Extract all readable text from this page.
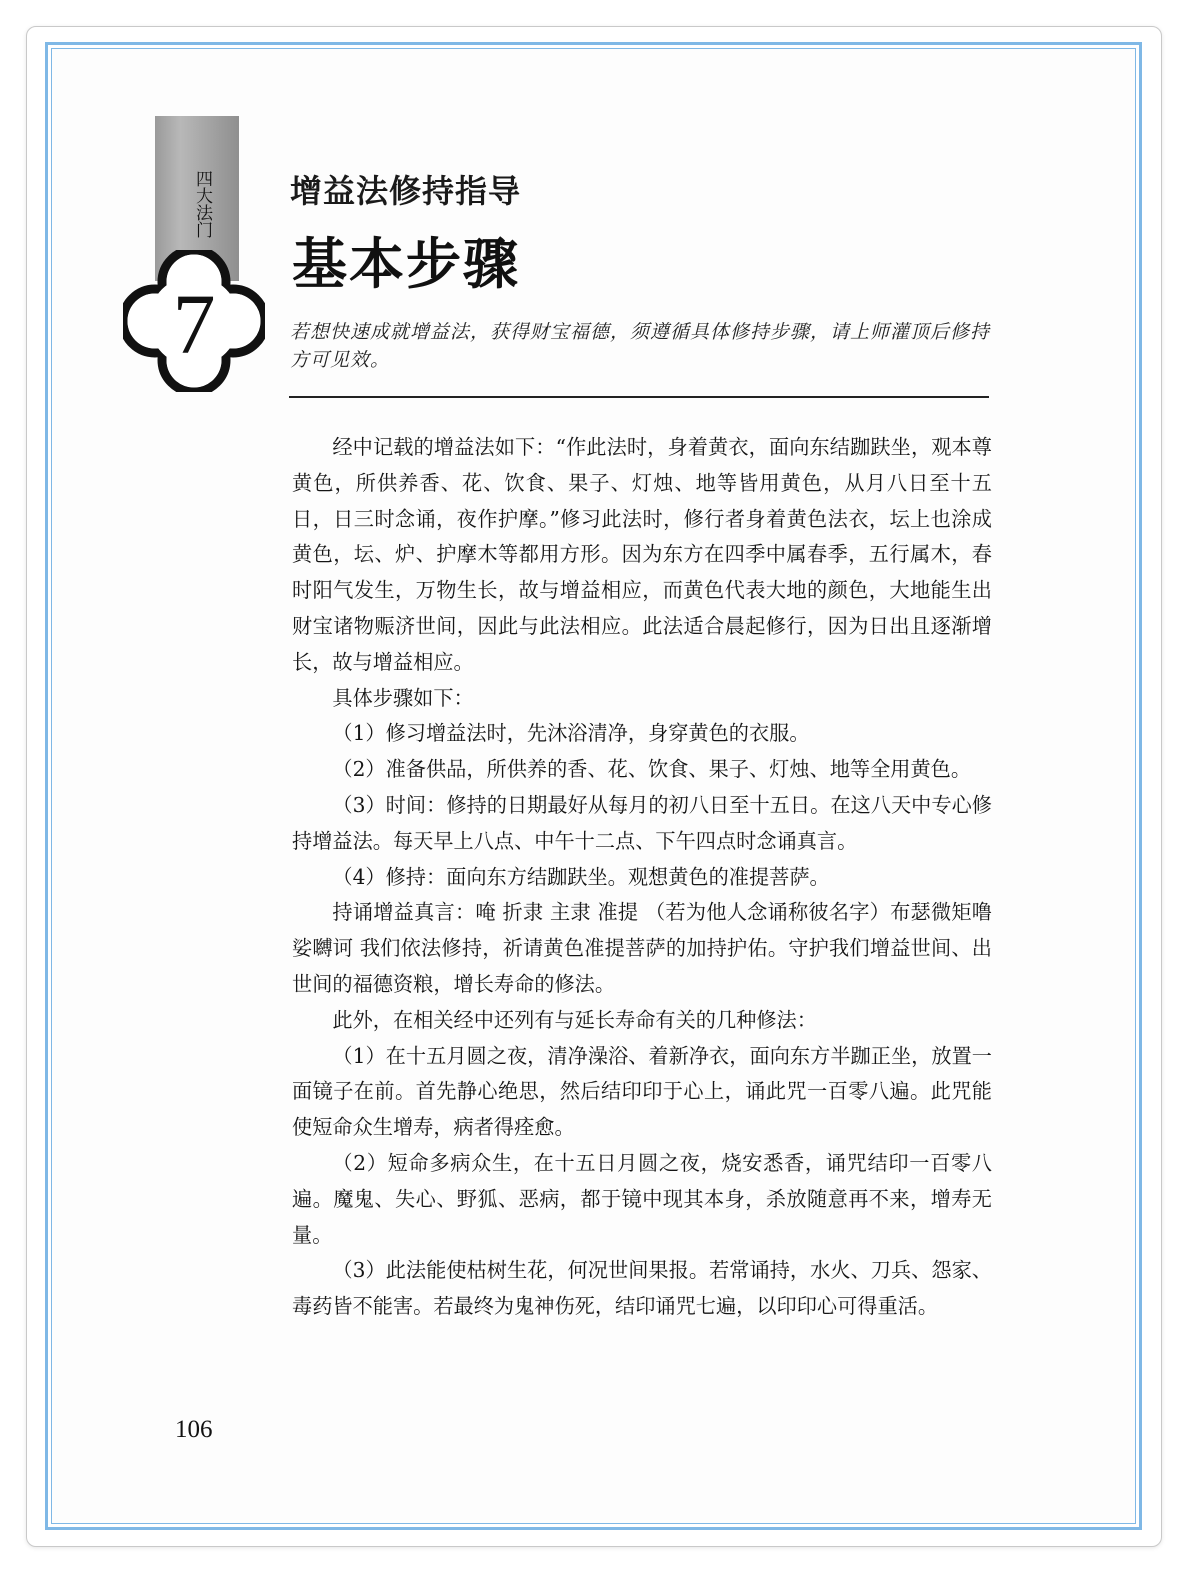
四大法门
7
增益法修持指导
基本步骤
若想快速成就增益法，获得财宝福德，须遵循具体修持步骤，请上师灌顶后修持方可见效。

经中记载的增益法如下：“作此法时，身着黄衣，面向东结跏趺坐，观本尊黄色，所供养香、花、饮食、果子、灯烛、地等皆用黄色，从月八日至十五日，日三时念诵，夜作护摩。”修习此法时，修行者身着黄色法衣，坛上也涂成黄色，坛、炉、护摩木等都用方形。因为东方在四季中属春季，五行属木，春时阳气发生，万物生长，故与增益相应，而黄色代表大地的颜色，大地能生出财宝诸物赈济世间，因此与此法相应。此法适合晨起修行，因为日出且逐渐增长，故与增益相应。

具体步骤如下：

（1）修习增益法时，先沐浴清净，身穿黄色的衣服。

（2）准备供品，所供养的香、花、饮食、果子、灯烛、地等全用黄色。

（3）时间：修持的日期最好从每月的初八日至十五日。在这八天中专心修持增益法。每天早上八点、中午十二点、下午四点时念诵真言。

（4）修持：面向东方结跏趺坐。观想黄色的准提菩萨。

持诵增益真言：唵 折隶 主隶 准提 （若为他人念诵称彼名字）布瑟微矩噜 娑嚩诃 我们依法修持，祈请黄色准提菩萨的加持护佑。守护我们增益世间、出世间的福德资粮，增长寿命的修法。

此外，在相关经中还列有与延长寿命有关的几种修法：

（1）在十五月圆之夜，清净澡浴、着新净衣，面向东方半跏正坐，放置一面镜子在前。首先静心绝思，然后结印印于心上，诵此咒一百零八遍。此咒能使短命众生增寿，病者得痊愈。

（2）短命多病众生，在十五日月圆之夜，烧安悉香，诵咒结印一百零八遍。魔鬼、失心、野狐、恶病，都于镜中现其本身，杀放随意再不来，增寿无量。

（3）此法能使枯树生花，何况世间果报。若常诵持，水火、刀兵、怨家、毒药皆不能害。若最终为鬼神伤死，结印诵咒七遍，以印印心可得重活。

106
